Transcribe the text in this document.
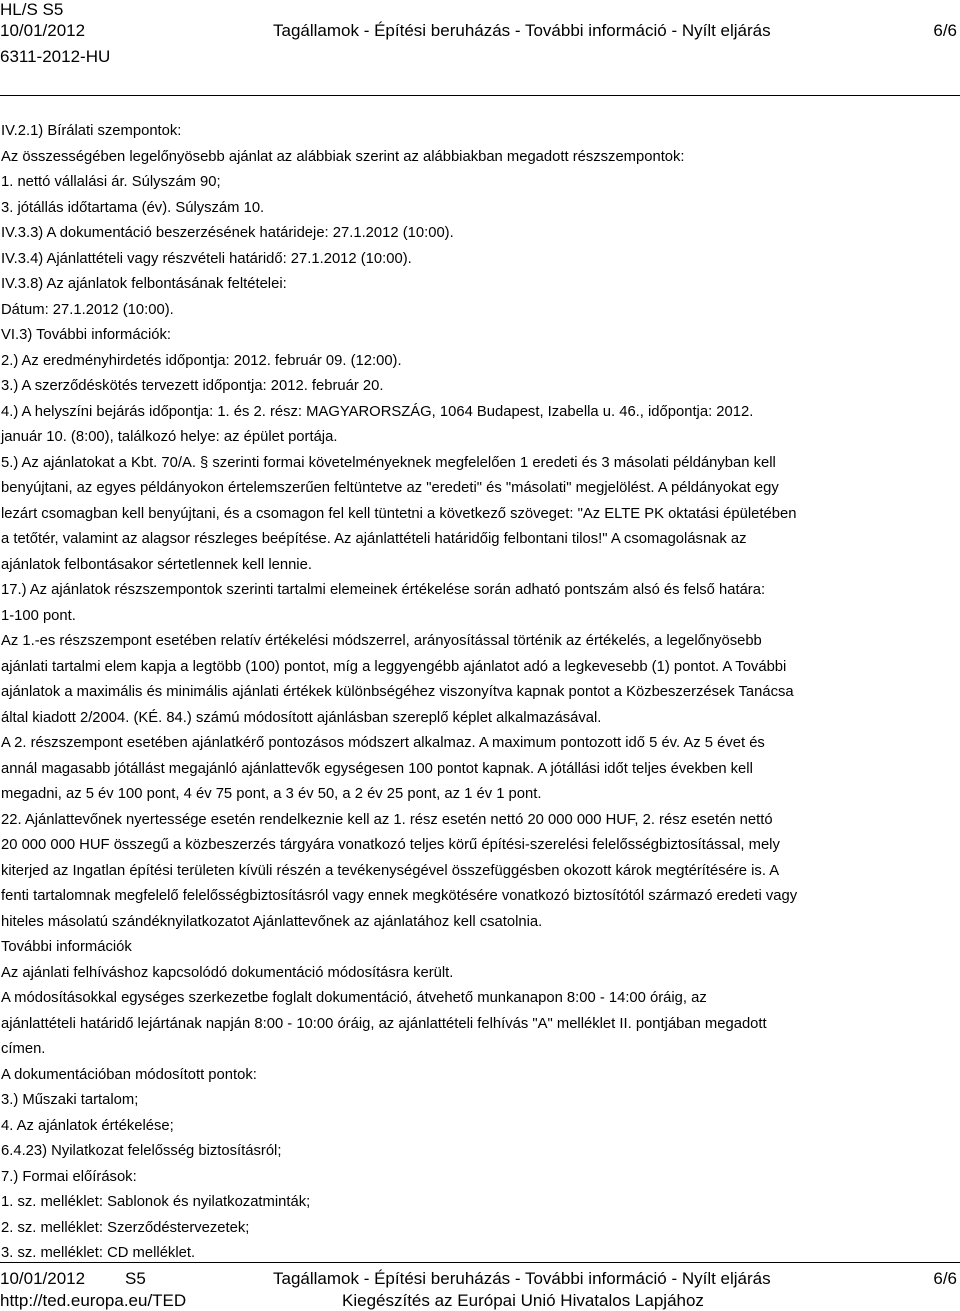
HL/S S5
10/01/2012
6311-2012-HU
Tagállamok - Építési beruházás - További információ - Nyílt eljárás	6/6

IV.2.1) Bírálati szempontok:

Az összességében legelőnyösebb ajánlat az alábbiak szerint az alábbiakban megadott részszempontok:

1. nettó vállalási ár. Súlyszám 90;

3. jótállás időtartama (év). Súlyszám 10.

IV.3.3) A dokumentáció beszerzésének határideje: 27.1.2012 (10:00).

IV.3.4) Ajánlattételi vagy részvételi határidő: 27.1.2012 (10:00).

IV.3.8) Az ajánlatok felbontásának feltételei:

Dátum: 27.1.2012 (10:00).

VI.3) További információk:

2.) Az eredményhirdetés időpontja: 2012. február 09. (12:00).

3.) A szerződéskötés tervezett időpontja: 2012. február 20.

4.) A helyszíni bejárás időpontja: 1. és 2. rész: MAGYARORSZÁG, 1064 Budapest, Izabella u. 46., időpontja: 2012.

január 10. (8:00), találkozó helye: az épület portája.

5.) Az ajánlatokat a Kbt. 70/A. § szerinti formai követelményeknek megfelelően 1 eredeti és 3 másolati példányban kell

benyújtani, az egyes példányokon értelemszerűen feltüntetve az "eredeti" és "másolati" megjelölést. A példányokat egy

lezárt csomagban kell benyújtani, és a csomagon fel kell tüntetni a következő szöveget: "Az ELTE PK oktatási épületében

a tetőtér, valamint az alagsor részleges beépítése. Az ajánlattételi határidőig felbontani tilos!" A csomagolásnak az

ajánlatok felbontásakor sértetlennek kell lennie.

17.) Az ajánlatok részszempontok szerinti tartalmi elemeinek értékelése során adható pontszám alsó és felső határa:

1-100 pont.

Az 1.-es részszempont esetében relatív értékelési módszerrel, arányosítással történik az értékelés, a legelőnyösebb

ajánlati tartalmi elem kapja a legtöbb (100) pontot, míg a leggyengébb ajánlatot adó a legkevesebb (1) pontot. A További

ajánlatok a maximális és minimális ajánlati értékek különbségéhez viszonyítva kapnak pontot a Közbeszerzések Tanácsa

által kiadott 2/2004. (KÉ. 84.) számú módosított ajánlásban szereplő képlet alkalmazásával.

A 2. részszempont esetében ajánlatkérő pontozásos módszert alkalmaz. A maximum pontozott idő 5 év. Az 5 évet és

annál magasabb jótállást megajánló ajánlattevők egységesen 100 pontot kapnak. A jótállási időt teljes években kell

megadni, az 5 év 100 pont, 4 év 75 pont, a 3 év 50, a 2 év 25 pont, az 1 év 1 pont.

22. Ajánlattevőnek nyertessége esetén rendelkeznie kell az 1. rész esetén nettó 20 000 000 HUF, 2. rész esetén nettó

20 000 000 HUF összegű a közbeszerzés tárgyára vonatkozó teljes körű építési-szerelési felelősségbiztosítással, mely

kiterjed az Ingatlan építési területen kívüli részén a tevékenységével összefüggésben okozott károk megtérítésére is. A

fenti tartalomnak megfelelő felelősségbiztosításról vagy ennek megkötésére vonatkozó biztosítótól származó eredeti vagy

hiteles másolatú szándéknyilatkozatot Ajánlattevőnek az ajánlatához kell csatolnia.

További információk

Az ajánlati felhíváshoz kapcsolódó dokumentáció módosításra került.

A módosításokkal egységes szerkezetbe foglalt dokumentáció, átvehető munkanapon 8:00 - 14:00 óráig, az

ajánlattételi határidő lejártának napján 8:00 - 10:00 óráig, az ajánlattételi felhívás "A" melléklet II. pontjában megadott

címen.

A dokumentációban módosított pontok:

3.) Műszaki tartalom;

4. Az ajánlatok értékelése;

6.4.23) Nyilatkozat felelősség biztosításról;

7.) Formai előírások:

1. sz. melléklet: Sablonok és nyilatkozatminták;

2. sz. melléklet: Szerződéstervezetek;

3. sz. melléklet: CD melléklet.

10/01/2012 S5
http://ted.europa.eu/TED
Tagállamok - Építési beruházás - További információ - Nyílt eljárás	6/6
Kiegészítés az Európai Unió Hivatalos Lapjához
